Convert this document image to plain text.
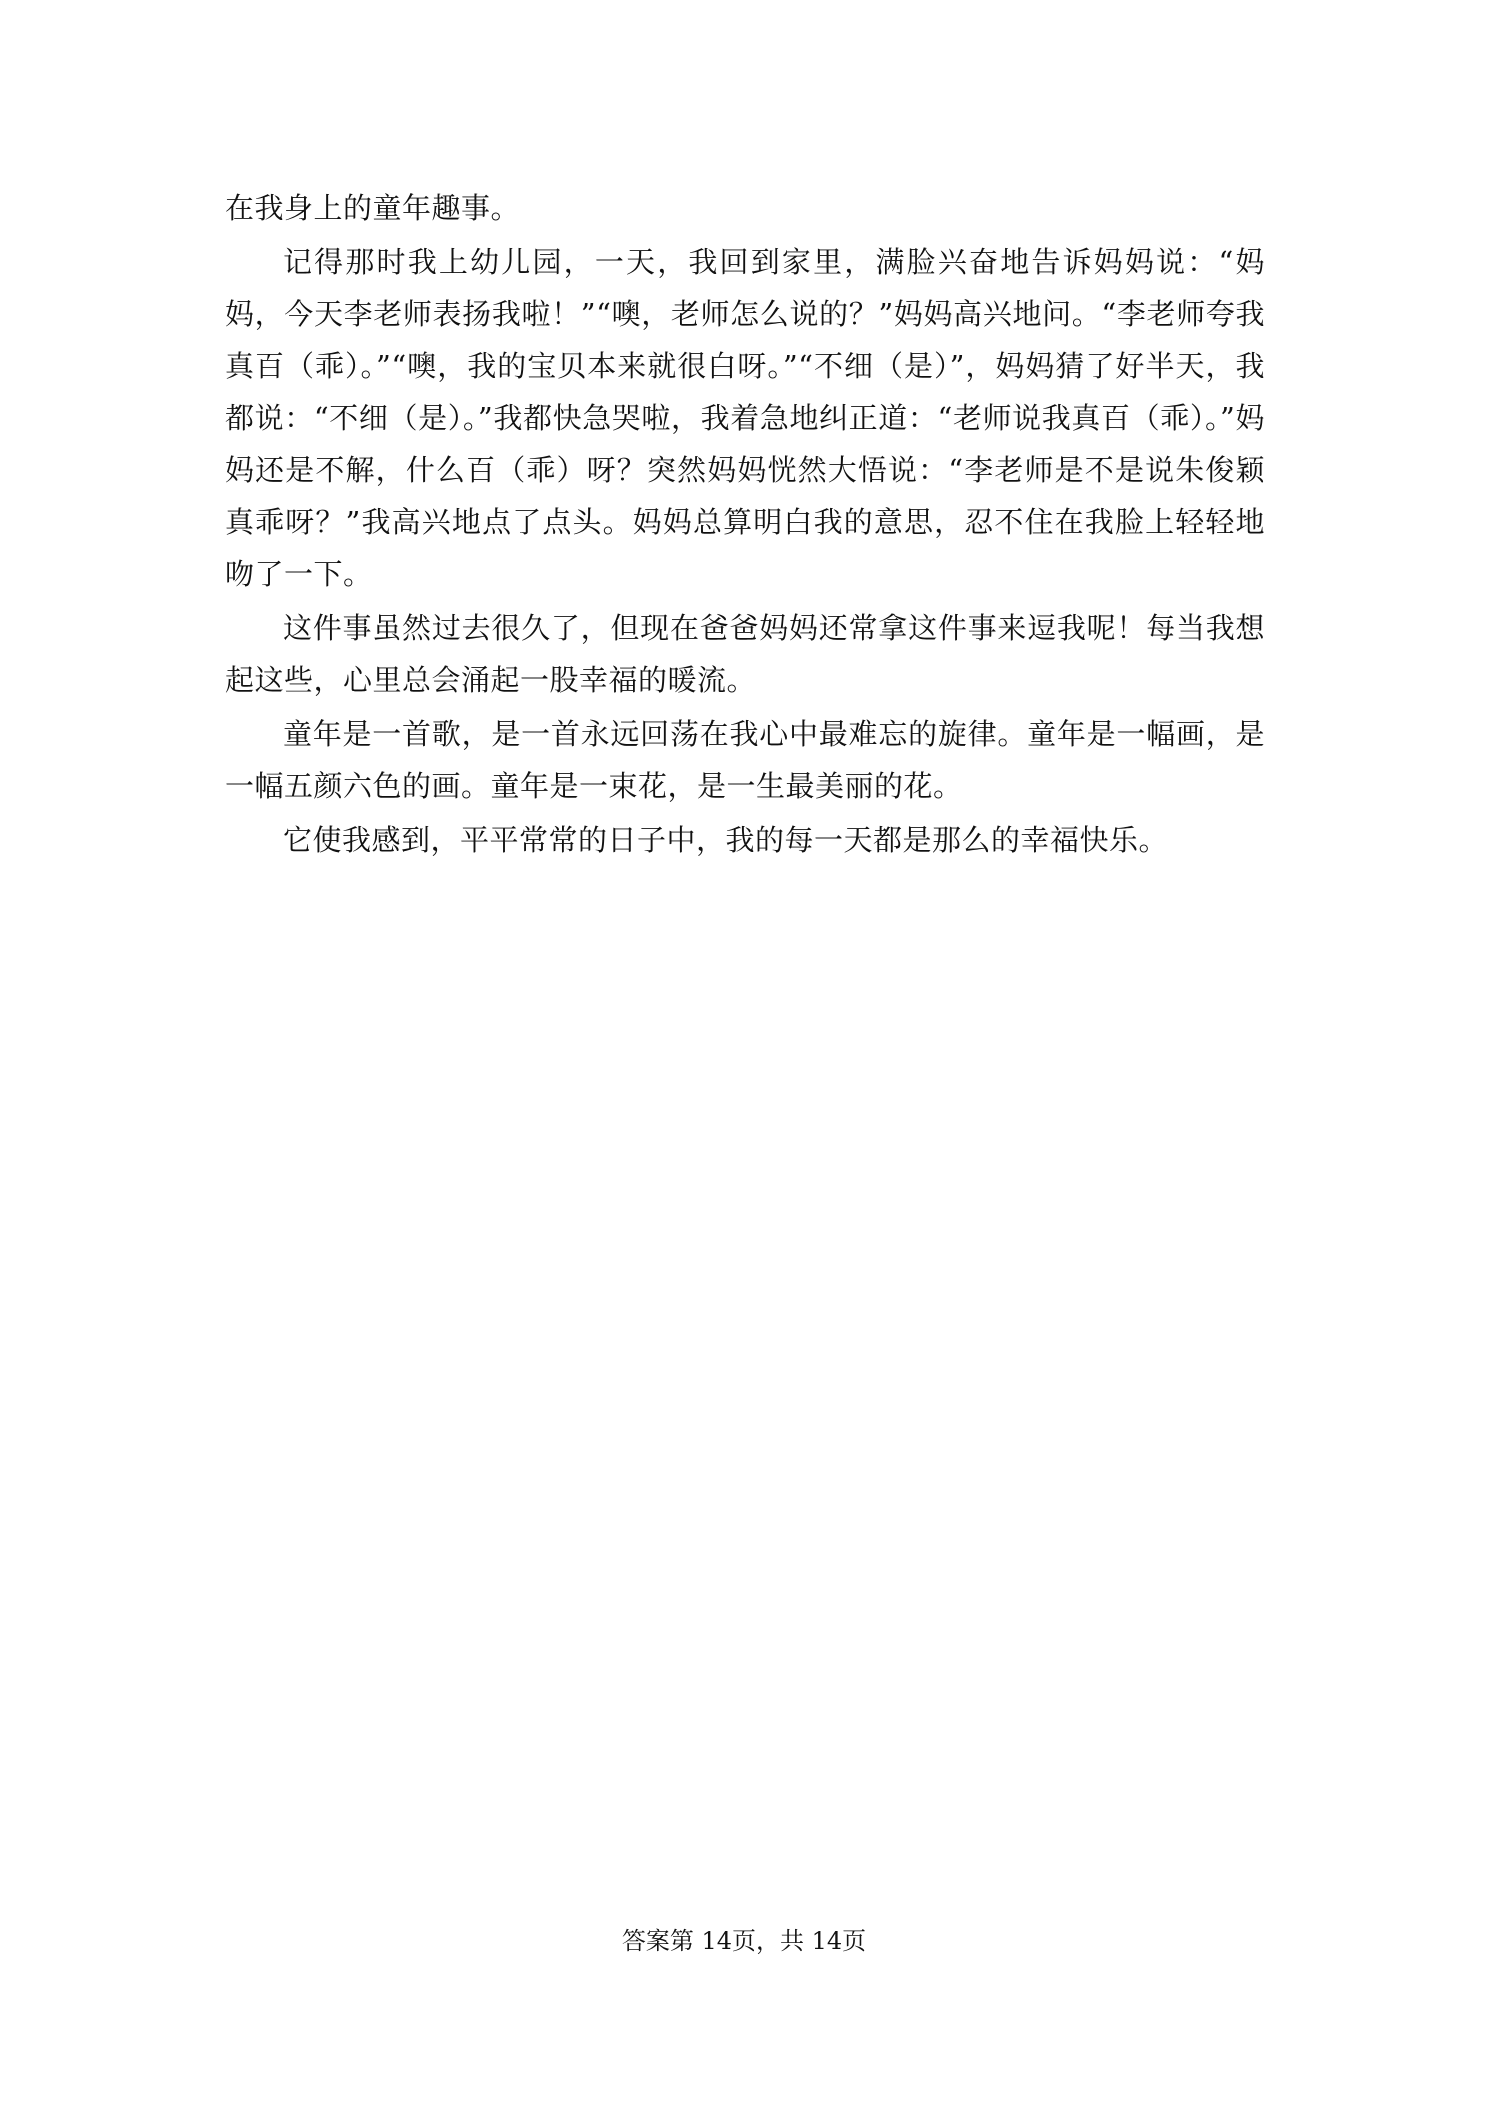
在我身上的童年趣事。

记得那时我上幼儿园，一天，我回到家里，满脸兴奋地告诉妈妈说：“妈妈，今天李老师表扬我啦！”“噢，老师怎么说的？”妈妈高兴地问。“李老师夸我真百（乖）。”“噢，我的宝贝本来就很白呀。”“不细（是）”，妈妈猜了好半天，我都说：“不细（是）。”我都快急哭啦，我着急地纠正道：“老师说我真百（乖）。”妈妈还是不解，什么百（乖）呀？突然妈妈恍然大悟说：“李老师是不是说朱俊颖真乖呀？”我高兴地点了点头。妈妈总算明白我的意思，忍不住在我脸上轻轻地吻了一下。

这件事虽然过去很久了，但现在爸爸妈妈还常拿这件事来逗我呢！每当我想起这些，心里总会涌起一股幸福的暖流。

童年是一首歌，是一首永远回荡在我心中最难忘的旋律。童年是一幅画，是一幅五颜六色的画。童年是一束花，是一生最美丽的花。

它使我感到，平平常常的日子中，我的每一天都是那么的幸福快乐。

答案第 14页，共 14页
